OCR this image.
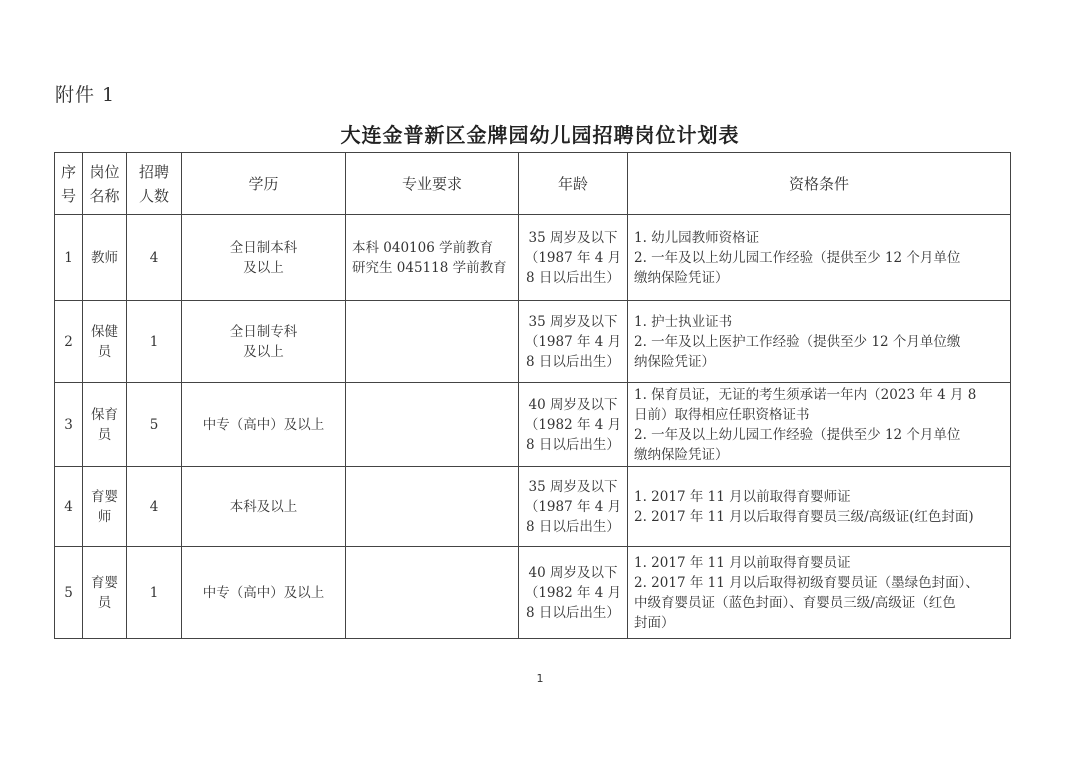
附件 1
大连金普新区金牌园幼儿园招聘岗位计划表
序
号	岗位
名称	招聘
人数	学历	专业要求	年龄	资格条件
1	教师	4	全日制本科
及以上	本科 040106 学前教育
研究生 045118 学前教育	35 周岁及以下
（1987 年 4 月
8 日以后出生）	1. 幼儿园教师资格证
2. 一年及以上幼儿园工作经验（提供至少 12 个月单位
缴纳保险凭证）

2	保健
员	1	全日制专科
及以上		35 周岁及以下
（1987 年 4 月
8 日以后出生）	1. 护士执业证书
2. 一年及以上医护工作经验（提供至少 12 个月单位缴
纳保险凭证）

3	保育
员	5	中专（高中）及以上		40 周岁及以下
（1982 年 4 月
8 日以后出生）	1. 保育员证，无证的考生须承诺一年内（2023 年 4 月 8
日前）取得相应任职资格证书
2. 一年及以上幼儿园工作经验（提供至少 12 个月单位
缴纳保险凭证）

4	育婴
师	4	本科及以上		35 周岁及以下
（1987 年 4 月
8 日以后出生）	1. 2017 年 11 月以前取得育婴师证
2. 2017 年 11 月以后取得育婴员三级/高级证(红色封面)

5	育婴
员	1	中专（高中）及以上		40 周岁及以下
（1982 年 4 月
8 日以后出生）	1. 2017 年 11 月以前取得育婴员证
2. 2017 年 11 月以后取得初级育婴员证（墨绿色封面）、
中级育婴员证（蓝色封面）、育婴员三级/高级证（红色
封面）
1
